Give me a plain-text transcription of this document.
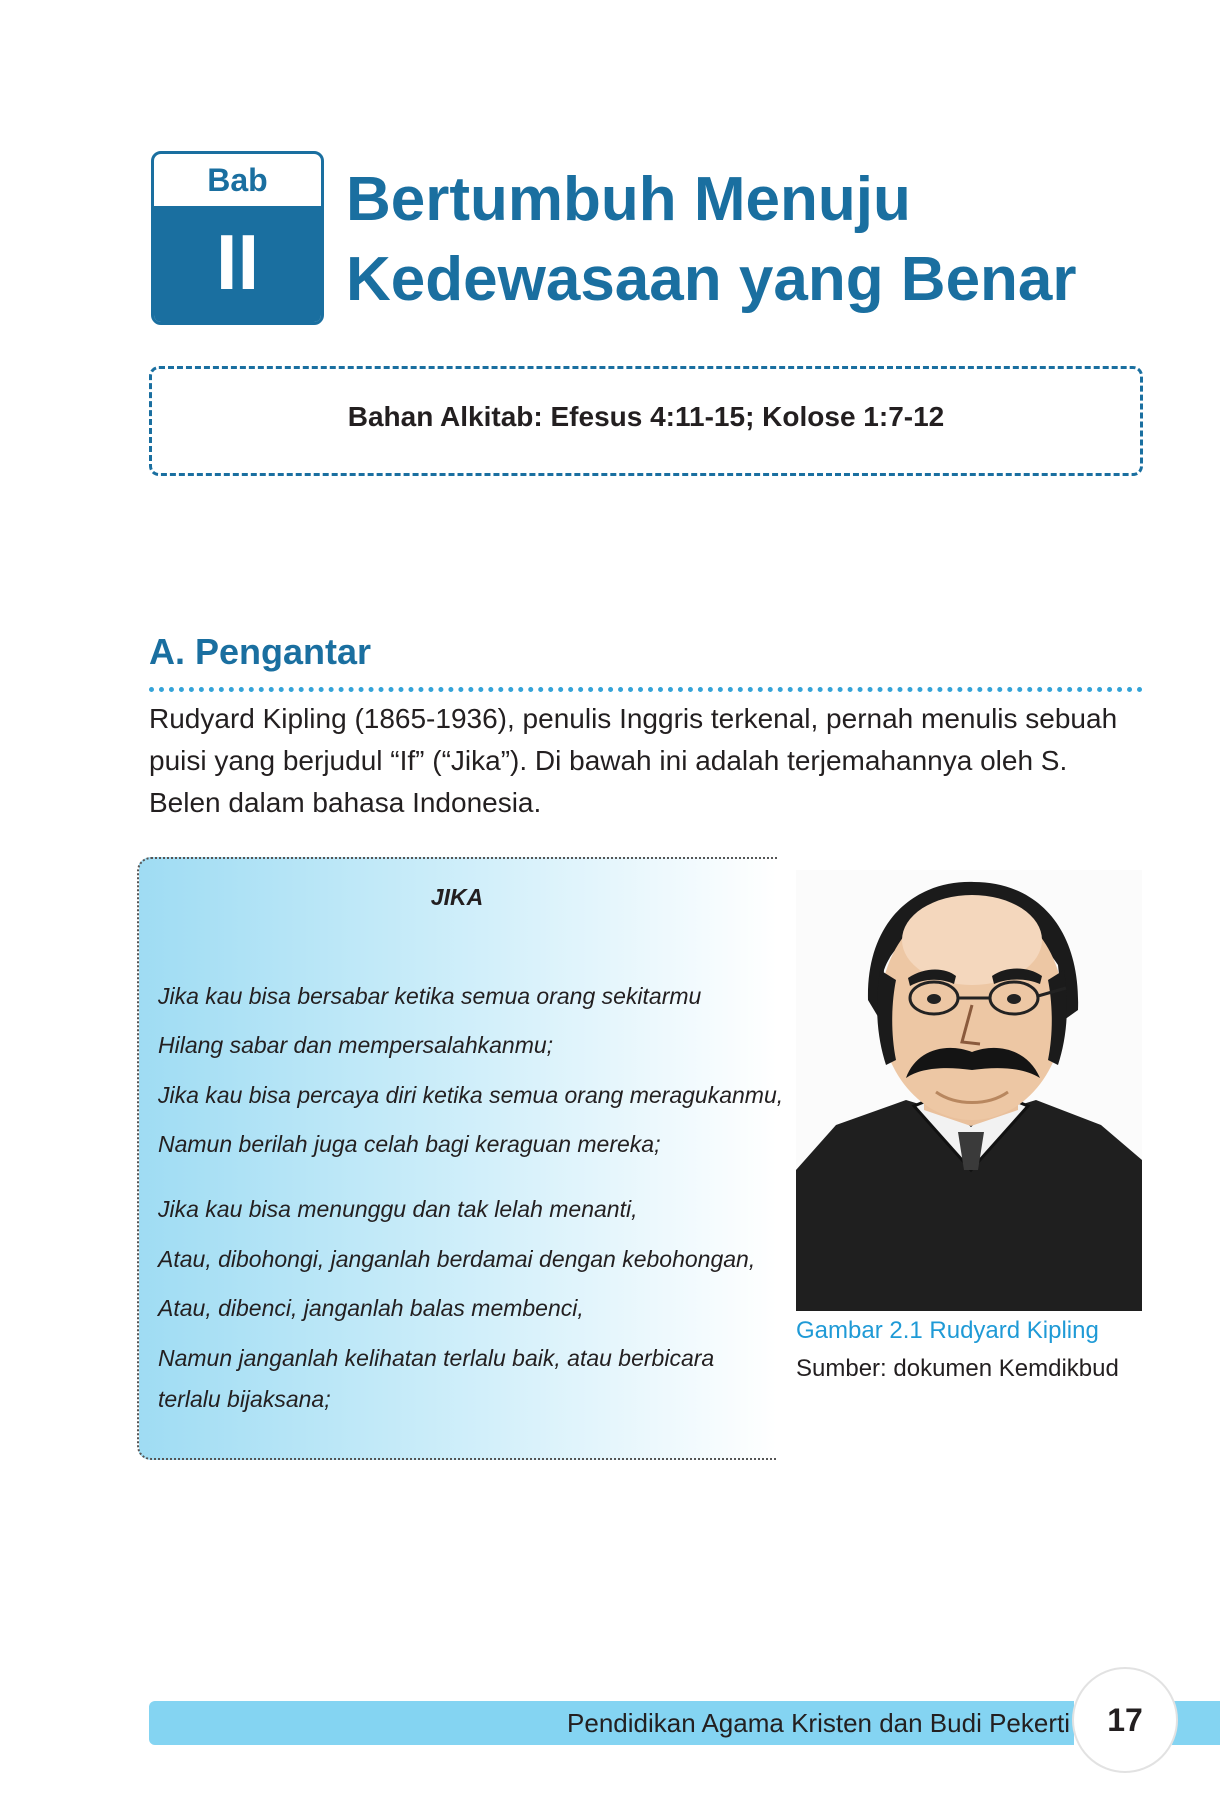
Bab
II
Bertumbuh Menuju
Kedewasaan yang Benar
Bahan Alkitab: Efesus 4:11-15; Kolose 1:7-12
A. Pengantar

Rudyard Kipling (1865-1936), penulis Inggris terkenal, pernah menulis sebuah puisi yang berjudul “If” (“Jika”). Di bawah ini adalah terjemahannya oleh S. Belen dalam bahasa Indonesia.

JIKA

Jika kau bisa bersabar ketika semua orang sekitarmu

Hilang sabar dan mempersalahkanmu;

Jika kau bisa percaya diri ketika semua orang meragukanmu,

Namun berilah juga celah bagi keraguan mereka;

Jika kau bisa menunggu dan tak lelah menanti,

Atau, dibohongi, janganlah berdamai dengan kebohongan,

Atau, dibenci, janganlah balas membenci,

Namun janganlah kelihatan terlalu baik, atau berbicara

terlalu bijaksana;

Gambar 2.1 Rudyard Kipling

Sumber: dokumen Kemdikbud

Pendidikan Agama Kristen dan Budi Pekerti	17
